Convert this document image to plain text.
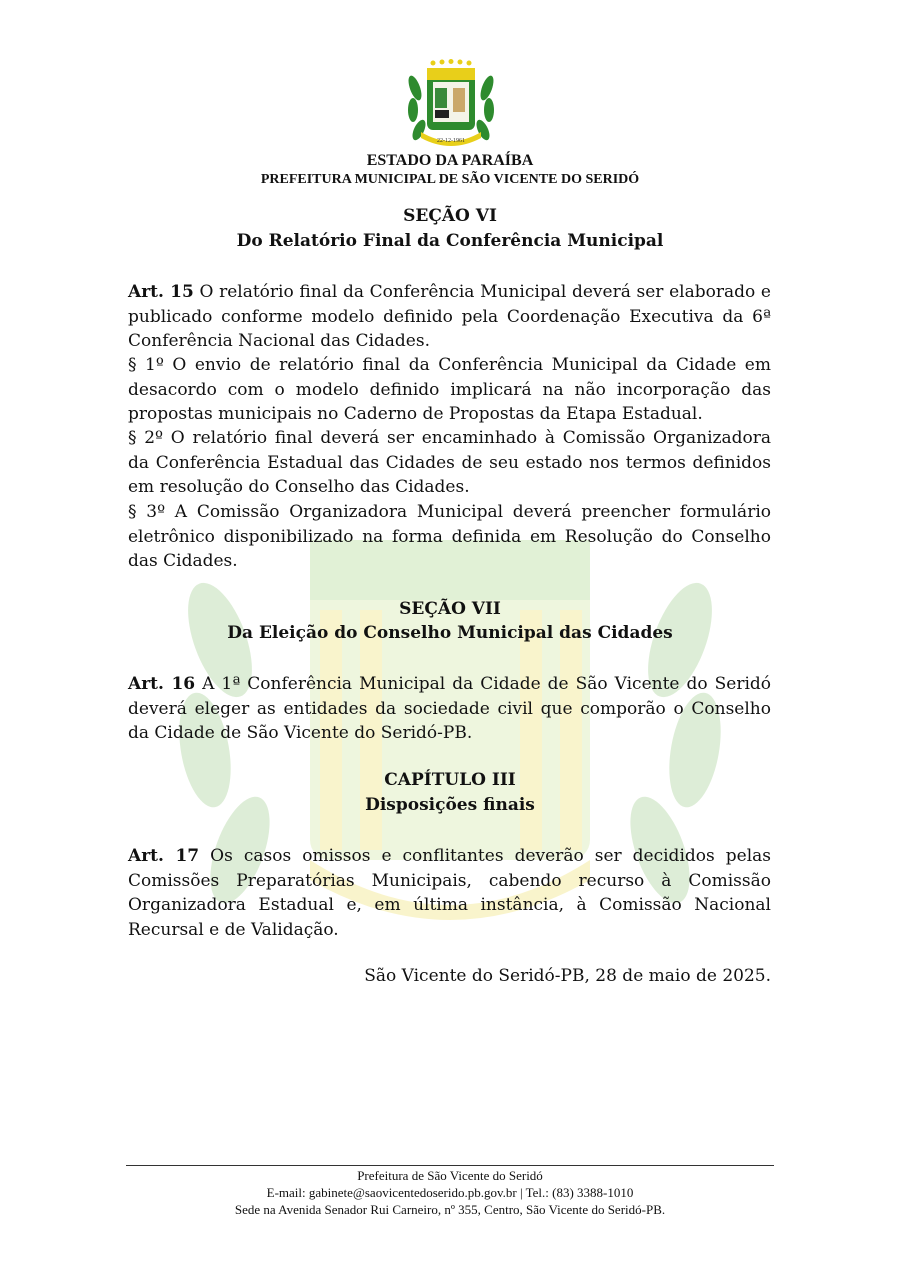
22-12-1961
ESTADO DA PARAÍBA
PREFEITURA MUNICIPAL DE SÃO VICENTE DO SERIDÓ
SEÇÃO VI
Do Relatório Final da Conferência Municipal
Art. 15 O relatório final da Conferência Municipal deverá ser elaborado e publicado conforme modelo definido pela Coordenação Executiva da 6ª Conferência Nacional das Cidades.
§ 1º O envio de relatório final da Conferência Municipal da Cidade em desacordo com o modelo definido implicará na não incorporação das propostas municipais no Caderno de Propostas da Etapa Estadual.
§ 2º O relatório final deverá ser encaminhado à Comissão Organizadora da Conferência Estadual das Cidades de seu estado nos termos definidos em resolução do Conselho das Cidades.
§ 3º A Comissão Organizadora Municipal deverá preencher formulário eletrônico disponibilizado na forma definida em Resolução do Conselho das Cidades.
SEÇÃO VII
Da Eleição do Conselho Municipal das Cidades
Art. 16 A 1ª Conferência Municipal da Cidade de São Vicente do Seridó deverá eleger as entidades da sociedade civil que comporão o Conselho da Cidade de São Vicente do Seridó-PB.
CAPÍTULO III
Disposições finais
Art. 17 Os casos omissos e conflitantes deverão ser decididos pelas Comissões Preparatórias Municipais, cabendo recurso à Comissão Organizadora Estadual e, em última instância, à Comissão Nacional Recursal e de Validação.
São Vicente do Seridó-PB, 28 de maio de 2025.
Prefeitura de São Vicente do Seridó
E-mail: gabinete@saovicentedoserido.pb.gov.br | Tel.: (83) 3388-1010
Sede na Avenida Senador Rui Carneiro, nº 355, Centro, São Vicente do Seridó-PB.
